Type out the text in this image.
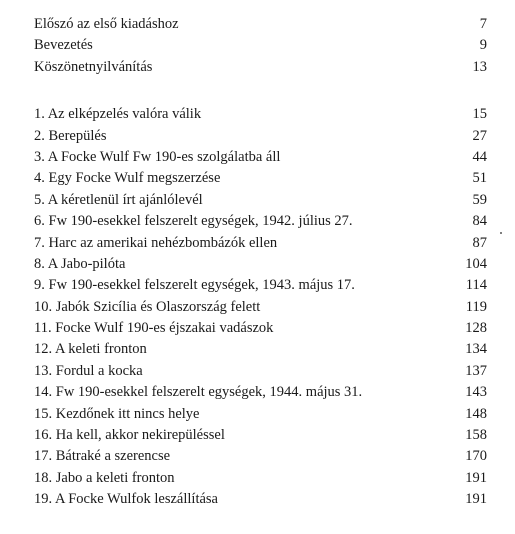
Előszó az első kiadáshoz	7
Bevezetés	9
Köszönetnyilvánítás	13
1. Az elképzelés valóra válik	15
2. Berepülés	27
3. A Focke Wulf Fw 190-es szolgálatba áll	44
4. Egy Focke Wulf megszerzése	51
5. A kéretlenül írt ajánlólevél	59
6. Fw 190-esekkel felszerelt egységek, 1942. július 27.	84
7. Harc az amerikai nehézbombázók ellen	87
8. A Jabo-pilóta	104
9. Fw 190-esekkel felszerelt egységek, 1943. május 17.	114
10. Jabók Szicília és Olaszország felett	119
11. Focke Wulf 190-es éjszakai vadászok	128
12. A keleti fronton	134
13. Fordul a kocka	137
14. Fw 190-esekkel felszerelt egységek, 1944. május 31.	143
15. Kezdőnek itt nincs helye	148
16. Ha kell, akkor nekirepüléssel	158
17. Bátraké a szerencse	170
18. Jabo a keleti fronton	191
19. A Focke Wulfok leszállítása	191
